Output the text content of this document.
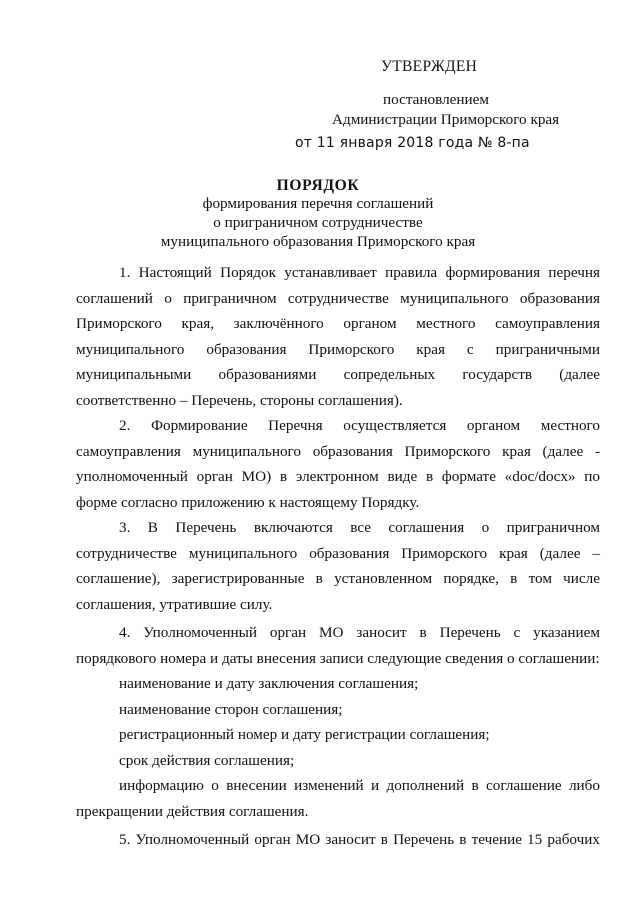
УТВЕРЖДЕН
постановлением
Администрации Приморского края
от 11 января 2018 года № 8-па
ПОРЯДОК
формирования перечня соглашений
о приграничном сотрудничестве
муниципального образования Приморского края

1. Настоящий Порядок устанавливает правила формирования перечня соглашений о приграничном сотрудничестве муниципального образования Приморского края, заключённого органом местного самоуправления муниципального образования Приморского края с приграничными муниципальными образованиями сопредельных государств (далее соответственно – Перечень, стороны соглашения).

2. Формирование Перечня осуществляется органом местного самоуправления муниципального образования Приморского края (далее - уполномоченный орган МО) в электронном виде в формате «doc/docx» по форме согласно приложению к настоящему Порядку.

3. В Перечень включаются все соглашения о приграничном сотрудничестве муниципального образования Приморского края (далее – соглашение), зарегистрированные в установленном порядке, в том числе соглашения, утратившие силу.

4. Уполномоченный орган МО заносит в Перечень с указанием порядкового номера и даты внесения записи следующие сведения о соглашении:

наименование и дату заключения соглашения;

наименование сторон соглашения;

регистрационный номер и дату регистрации соглашения;

срок действия соглашения;

информацию о внесении изменений и дополнений в соглашение либо прекращении действия соглашения.

5. Уполномоченный орган МО заносит в Перечень в течение 15 рабочих
